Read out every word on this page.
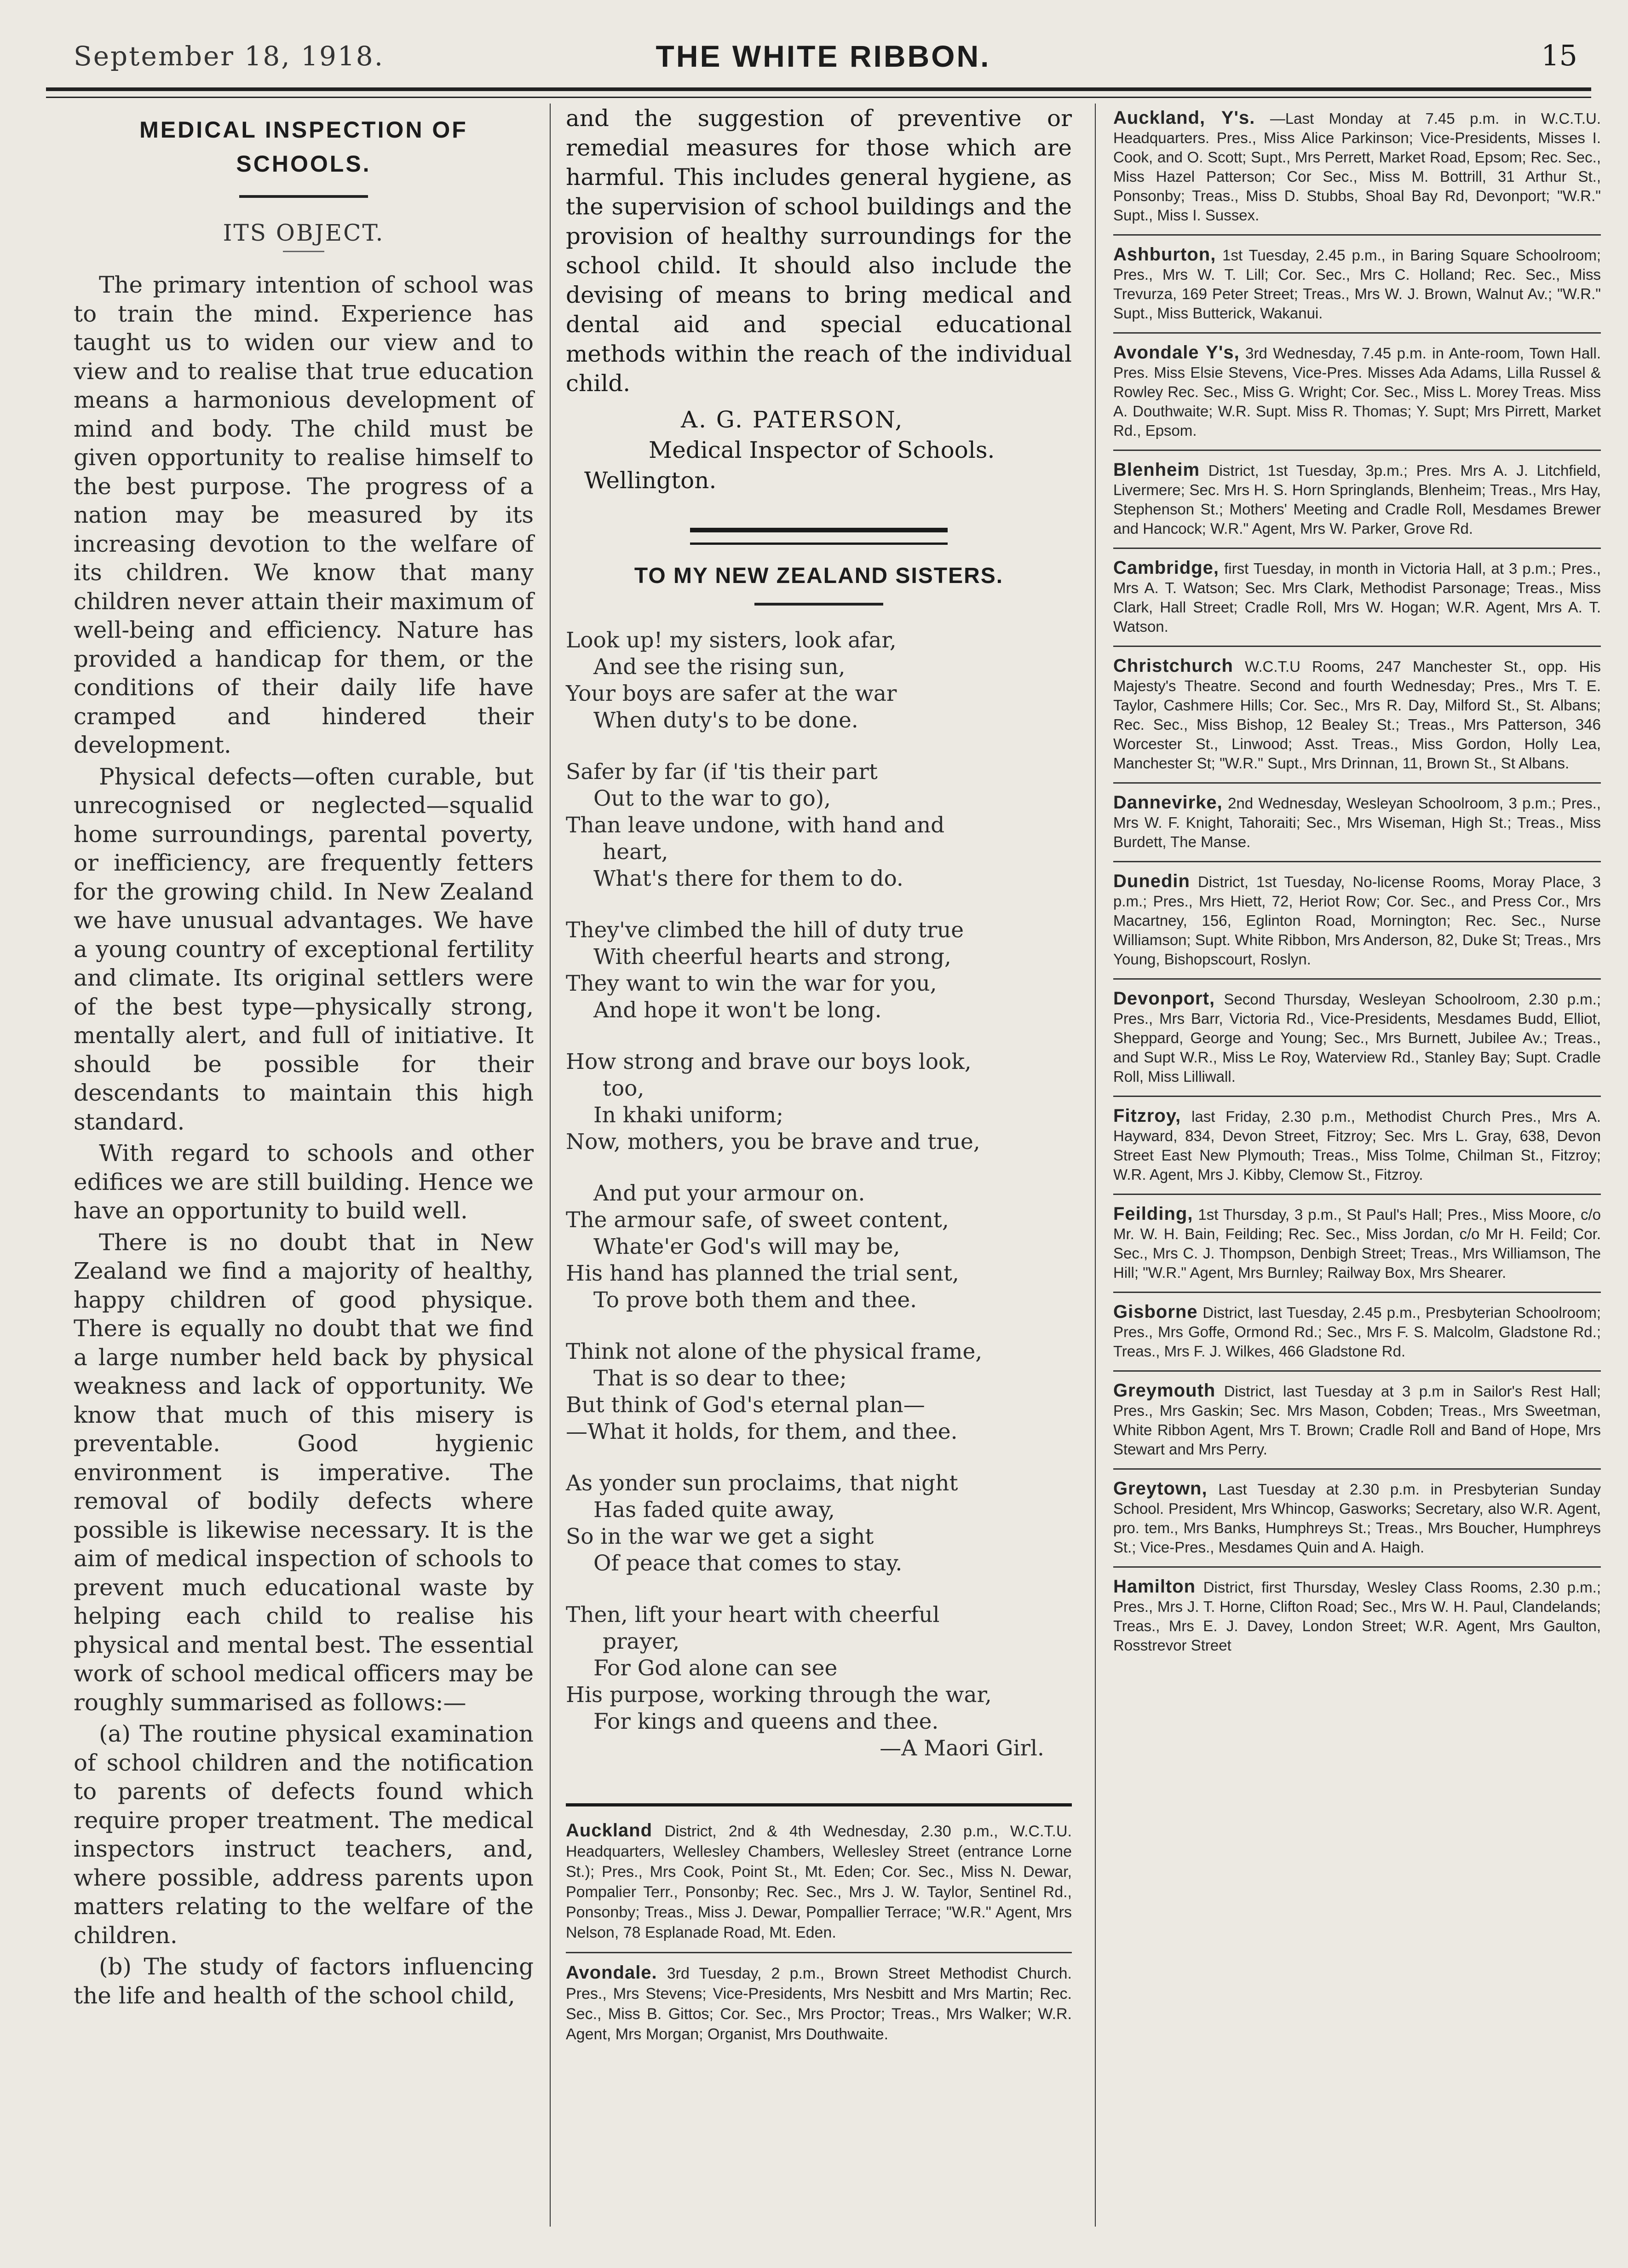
September 18, 1918.	THE WHITE RIBBON.	15
MEDICAL INSPECTION OF SCHOOLS.
ITS OBJECT.

The primary intention of school was to train the mind. Experience has taught us to widen our view and to view and to realise that true education means a harmonious development of mind and body. The child must be given opportunity to realise himself to the best purpose. The progress of a nation may be measured by its increasing devotion to the welfare of its children. We know that many children never attain their maximum of well-being and efficiency. Nature has provided a handicap for them, or the conditions of their daily life have cramped and hindered their development.

Physical defects—often curable, but unrecognised or neglected—squalid home surroundings, parental poverty, or inefficiency, are frequently fetters for the growing child. In New Zealand we have unusual advantages. We have a young country of exceptional fertility and climate. Its original settlers were of the best type—physically strong, mentally alert, and full of initiative. It should be possible for their descendants to maintain this high standard.

With regard to schools and other edifices we are still building. Hence we have an opportunity to build well.

There is no doubt that in New Zealand we find a majority of healthy, happy children of good physique. There is equally no doubt that we find a large number held back by physical weakness and lack of opportunity. We know that much of this misery is preventable. Good hygienic environment is imperative. The removal of bodily defects where possible is likewise necessary. It is the aim of medical inspection of schools to prevent much educational waste by helping each child to realise his physical and mental best. The essential work of school medical officers may be roughly summarised as follows:—

(a) The routine physical examination of school children and the notification to parents of defects found which require proper treatment. The medical inspectors instruct teachers, and, where possible, address parents upon matters relating to the welfare of the children.

(b) The study of factors influencing the life and health of the school child,

and the suggestion of preventive or remedial measures for those which are harmful. This includes general hygiene, as the supervision of school buildings and the provision of healthy surroundings for the school child. It should also include the devising of means to bring medical and dental aid and special educational methods within the reach of the individual child.

A. G. PATERSON,
Medical Inspector of Schools.
Wellington.
TO MY NEW ZEALAND SISTERS.
Look up! my sisters, look afar,
And see the rising sun,
Your boys are safer at the war
When duty's to be done.
Safer by far (if 'tis their part
Out to the war to go),
Than leave undone, with hand and
heart,
What's there for them to do.
They've climbed the hill of duty true
With cheerful hearts and strong,
They want to win the war for you,
And hope it won't be long.
How strong and brave our boys look,
too,
In khaki uniform;
Now, mothers, you be brave and true,
And put your armour on.
The armour safe, of sweet content,
Whate'er God's will may be,
His hand has planned the trial sent,
To prove both them and thee.
Think not alone of the physical frame,
That is so dear to thee;
But think of God's eternal plan—
—What it holds, for them, and thee.
As yonder sun proclaims, that night
Has faded quite away,
So in the war we get a sight
Of peace that comes to stay.
Then, lift your heart with cheerful
prayer,
For God alone can see
His purpose, working through the war,
For kings and queens and thee.
—A Maori Girl.
Auckland District, 2nd & 4th Wednesday, 2.30 p.m., W.C.T.U. Headquarters, Wellesley Chambers, Wellesley Street (entrance Lorne St.); Pres., Mrs Cook, Point St., Mt. Eden; Cor. Sec., Miss N. Dewar, Pompalier Terr., Ponsonby; Rec. Sec., Mrs J. W. Taylor, Sentinel Rd., Ponsonby; Treas., Miss J. Dewar, Pompallier Terrace; "W.R." Agent, Mrs Nelson, 78 Esplanade Road, Mt. Eden.
Avondale. 3rd Tuesday, 2 p.m., Brown Street Methodist Church. Pres., Mrs Stevens; Vice-Presidents, Mrs Nesbitt and Mrs Martin; Rec. Sec., Miss B. Gittos; Cor. Sec., Mrs Proctor; Treas., Mrs Walker; W.R. Agent, Mrs Morgan; Organist, Mrs Douthwaite.
Auckland, Y's. —Last Monday at 7.45 p.m. in W.C.T.U. Headquarters. Pres., Miss Alice Parkinson; Vice-Presidents, Misses I. Cook, and O. Scott; Supt., Mrs Perrett, Market Road, Epsom; Rec. Sec., Miss Hazel Patterson; Cor Sec., Miss M. Bottrill, 31 Arthur St., Ponsonby; Treas., Miss D. Stubbs, Shoal Bay Rd, Devonport; "W.R." Supt., Miss I. Sussex.
Ashburton, 1st Tuesday, 2.45 p.m., in Baring Square Schoolroom; Pres., Mrs W. T. Lill; Cor. Sec., Mrs C. Holland; Rec. Sec., Miss Trevurza, 169 Peter Street; Treas., Mrs W. J. Brown, Walnut Av.; "W.R." Supt., Miss Butterick, Wakanui.
Avondale Y's, 3rd Wednesday, 7.45 p.m. in Ante-room, Town Hall. Pres. Miss Elsie Stevens, Vice-Pres. Misses Ada Adams, Lilla Russel & Rowley Rec. Sec., Miss G. Wright; Cor. Sec., Miss L. Morey Treas. Miss A. Douthwaite; W.R. Supt. Miss R. Thomas; Y. Supt; Mrs Pirrett, Market Rd., Epsom.
Blenheim District, 1st Tuesday, 3p.m.; Pres. Mrs A. J. Litchfield, Livermere; Sec. Mrs H. S. Horn Springlands, Blenheim; Treas., Mrs Hay, Stephenson St.; Mothers' Meeting and Cradle Roll, Mesdames Brewer and Hancock; W.R." Agent, Mrs W. Parker, Grove Rd.
Cambridge, first Tuesday, in month in Victoria Hall, at 3 p.m.; Pres., Mrs A. T. Watson; Sec. Mrs Clark, Methodist Parsonage; Treas., Miss Clark, Hall Street; Cradle Roll, Mrs W. Hogan; W.R. Agent, Mrs A. T. Watson.
Christchurch W.C.T.U Rooms, 247 Manchester St., opp. His Majesty's Theatre. Second and fourth Wednesday; Pres., Mrs T. E. Taylor, Cashmere Hills; Cor. Sec., Mrs R. Day, Milford St., St. Albans; Rec. Sec., Miss Bishop, 12 Bealey St.; Treas., Mrs Patterson, 346 Worcester St., Linwood; Asst. Treas., Miss Gordon, Holly Lea, Manchester St; "W.R." Supt., Mrs Drinnan, 11, Brown St., St Albans.
Dannevirke, 2nd Wednesday, Wesleyan Schoolroom, 3 p.m.; Pres., Mrs W. F. Knight, Tahoraiti; Sec., Mrs Wiseman, High St.; Treas., Miss Burdett, The Manse.
Dunedin District, 1st Tuesday, No-license Rooms, Moray Place, 3 p.m.; Pres., Mrs Hiett, 72, Heriot Row; Cor. Sec., and Press Cor., Mrs Macartney, 156, Eglinton Road, Mornington; Rec. Sec., Nurse Williamson; Supt. White Ribbon, Mrs Anderson, 82, Duke St; Treas., Mrs Young, Bishopscourt, Roslyn.
Devonport, Second Thursday, Wesleyan Schoolroom, 2.30 p.m.; Pres., Mrs Barr, Victoria Rd., Vice-Presidents, Mesdames Budd, Elliot, Sheppard, George and Young; Sec., Mrs Burnett, Jubilee Av.; Treas., and Supt W.R., Miss Le Roy, Waterview Rd., Stanley Bay; Supt. Cradle Roll, Miss Lilliwall.
Fitzroy, last Friday, 2.30 p.m., Methodist Church Pres., Mrs A. Hayward, 834, Devon Street, Fitzroy; Sec. Mrs L. Gray, 638, Devon Street East New Plymouth; Treas., Miss Tolme, Chilman St., Fitzroy; W.R. Agent, Mrs J. Kibby, Clemow St., Fitzroy.
Feilding, 1st Thursday, 3 p.m., St Paul's Hall; Pres., Miss Moore, c/o Mr. W. H. Bain, Feilding; Rec. Sec., Miss Jordan, c/o Mr H. Feild; Cor. Sec., Mrs C. J. Thompson, Denbigh Street; Treas., Mrs Williamson, The Hill; "W.R." Agent, Mrs Burnley; Railway Box, Mrs Shearer.
Gisborne District, last Tuesday, 2.45 p.m., Presbyterian Schoolroom; Pres., Mrs Goffe, Ormond Rd.; Sec., Mrs F. S. Malcolm, Gladstone Rd.; Treas., Mrs F. J. Wilkes, 466 Gladstone Rd.
Greymouth District, last Tuesday at 3 p.m in Sailor's Rest Hall; Pres., Mrs Gaskin; Sec. Mrs Mason, Cobden; Treas., Mrs Sweetman, White Ribbon Agent, Mrs T. Brown; Cradle Roll and Band of Hope, Mrs Stewart and Mrs Perry.
Greytown, Last Tuesday at 2.30 p.m. in Presbyterian Sunday School. President, Mrs Whincop, Gasworks; Secretary, also W.R. Agent, pro. tem., Mrs Banks, Humphreys St.; Treas., Mrs Boucher, Humphreys St.; Vice-Pres., Mesdames Quin and A. Haigh.
Hamilton District, first Thursday, Wesley Class Rooms, 2.30 p.m.; Pres., Mrs J. T. Horne, Clifton Road; Sec., Mrs W. H. Paul, Clandelands; Treas., Mrs E. J. Davey, London Street; W.R. Agent, Mrs Gaulton, Rosstrevor Street
